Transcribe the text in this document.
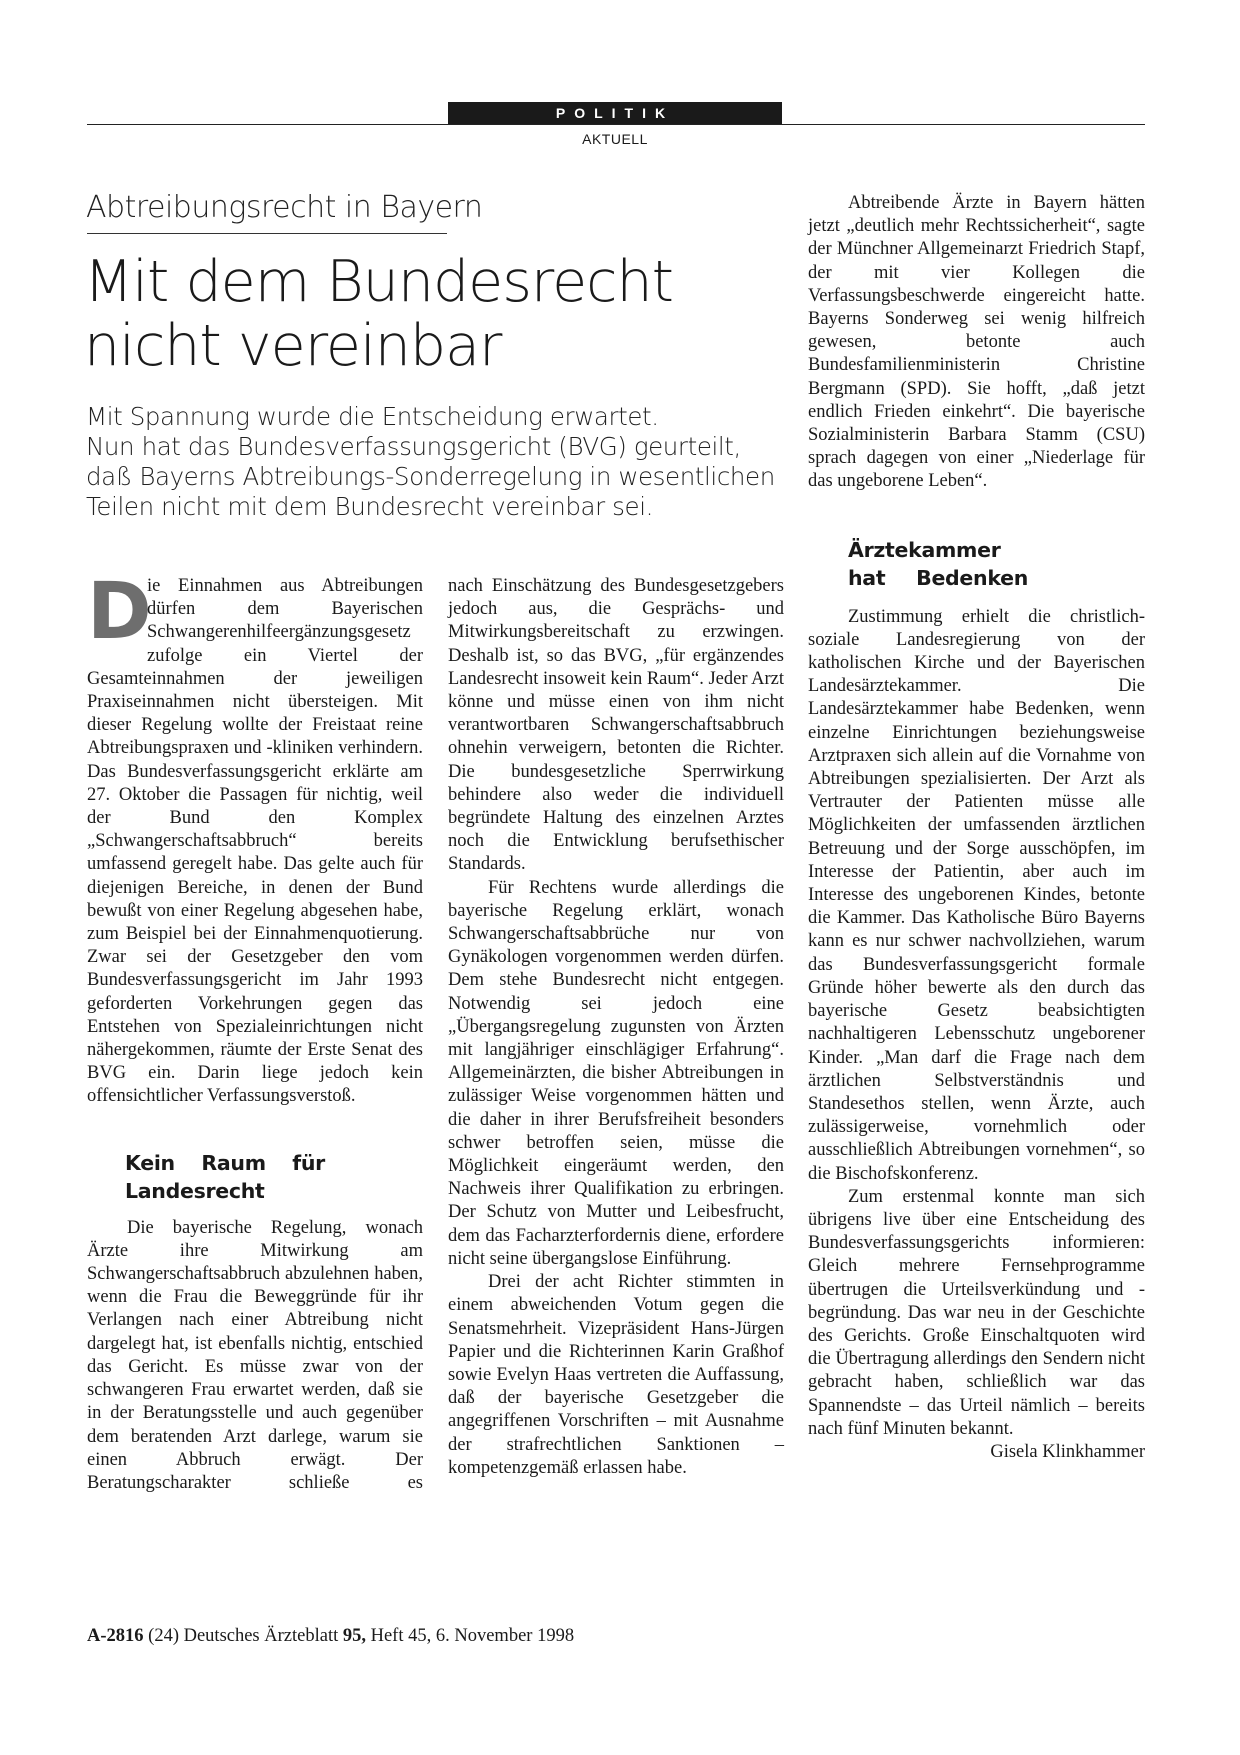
POLITIK
AKTUELL
Abtreibungsrecht in Bayern
Mit dem Bundesrecht
nicht vereinbar
Mit Spannung wurde die Entscheidung erwartet.
Nun hat das Bundesverfassungsgericht (BVG) geurteilt,
daß Bayerns Abtreibungs-Sonderregelung in wesentlichen
Teilen nicht mit dem Bundesrecht vereinbar sei.
D

ie Einnahmen aus Abtreibungen dürfen dem Bayerischen Schwangerenhilfeergänzungsgesetz zufolge ein Viertel der Gesamteinnahmen der jeweiligen Praxiseinnahmen nicht übersteigen. Mit dieser Regelung wollte der Freistaat reine Abtreibungspraxen und -kliniken verhindern. Das Bundesverfassungsgericht erklärte am 27. Oktober die Passagen für nichtig, weil der Bund den Komplex „Schwangerschaftsabbruch“ bereits umfassend geregelt habe. Das gelte auch für diejenigen Bereiche, in denen der Bund bewußt von einer Regelung abgesehen habe, zum Beispiel bei der Einnahmenquotierung. Zwar sei der Gesetzgeber den vom Bundesverfassungsgericht im Jahr 1993 geforderten Vorkehrungen gegen das Entstehen von Spezialeinrichtungen nicht nähergekommen, räumte der Erste Senat des BVG ein. Darin liege jedoch kein offensichtlicher Verfassungsverstoß.

Kein Raum für Landesrecht

Die bayerische Regelung, wonach Ärzte ihre Mitwirkung am Schwangerschaftsabbruch abzulehnen haben, wenn die Frau die Beweggründe für ihr Verlangen nach einer Abtreibung nicht dargelegt hat, ist ebenfalls nichtig, entschied das Gericht. Es müsse zwar von der schwangeren Frau erwartet werden, daß sie in der Beratungsstelle und auch gegenüber dem beratenden Arzt darlege, warum sie einen Abbruch erwägt. Der Beratungscharakter schließe es

nach Einschätzung des Bundesgesetzgebers jedoch aus, die Gesprächs- und Mitwirkungsbereitschaft zu erzwingen. Deshalb ist, so das BVG, „für ergänzendes Landesrecht insoweit kein Raum“. Jeder Arzt könne und müsse einen von ihm nicht verantwortbaren Schwangerschaftsabbruch ohnehin verweigern, betonten die Richter. Die bundesgesetzliche Sperrwirkung behindere also weder die individuell begründete Haltung des einzelnen Arztes noch die Entwicklung berufsethischer Standards.

Für Rechtens wurde allerdings die bayerische Regelung erklärt, wonach Schwangerschaftsabbrüche nur von Gynäkologen vorgenommen werden dürfen. Dem stehe Bundesrecht nicht entgegen. Notwendig sei jedoch eine „Übergangsregelung zugunsten von Ärzten mit langjähriger einschlägiger Erfahrung“. Allgemeinärzten, die bisher Abtreibungen in zulässiger Weise vorgenommen hätten und die daher in ihrer Berufsfreiheit besonders schwer betroffen seien, müsse die Möglichkeit eingeräumt werden, den Nachweis ihrer Qualifikation zu erbringen. Der Schutz von Mutter und Leibesfrucht, dem das Facharzterfordernis diene, erfordere nicht seine übergangslose Einführung.

Drei der acht Richter stimmten in einem abweichenden Votum gegen die Senatsmehrheit. Vizepräsident Hans-Jürgen Papier und die Richterinnen Karin Graßhof sowie Evelyn Haas vertreten die Auffassung, daß der bayerische Gesetzgeber die angegriffenen Vorschriften – mit Ausnahme der strafrechtlichen Sanktionen – kompetenzgemäß erlassen habe.

Abtreibende Ärzte in Bayern hätten jetzt „deutlich mehr Rechtssicherheit“, sagte der Münchner Allgemeinarzt Friedrich Stapf, der mit vier Kollegen die Verfassungsbeschwerde eingereicht hatte. Bayerns Sonderweg sei wenig hilfreich gewesen, betonte auch Bundesfamilienministerin Christine Bergmann (SPD). Sie hofft, „daß jetzt endlich Frieden einkehrt“. Die bayerische Sozialministerin Barbara Stamm (CSU) sprach dagegen von einer „Niederlage für das ungeborene Leben“.

Ärztekammer hat Bedenken

Zustimmung erhielt die christlich-soziale Landesregierung von der katholischen Kirche und der Bayerischen Landesärztekammer. Die Landesärztekammer habe Bedenken, wenn einzelne Einrichtungen beziehungsweise Arztpraxen sich allein auf die Vornahme von Abtreibungen spezialisierten. Der Arzt als Vertrauter der Patienten müsse alle Möglichkeiten der umfassenden ärztlichen Betreuung und der Sorge ausschöpfen, im Interesse der Patientin, aber auch im Interesse des ungeborenen Kindes, betonte die Kammer. Das Katholische Büro Bayerns kann es nur schwer nachvollziehen, warum das Bundesverfassungsgericht formale Gründe höher bewerte als den durch das bayerische Gesetz beabsichtigten nachhaltigeren Lebensschutz ungeborener Kinder. „Man darf die Frage nach dem ärztlichen Selbstverständnis und Standesethos stellen, wenn Ärzte, auch zulässigerweise, vornehmlich oder ausschließlich Abtreibungen vornehmen“, so die Bischofskonferenz.

Zum erstenmal konnte man sich übrigens live über eine Entscheidung des Bundesverfassungsgerichts informieren: Gleich mehrere Fernsehprogramme übertrugen die Urteilsverkündung und -begründung. Das war neu in der Geschichte des Gerichts. Große Einschaltquoten wird die Übertragung allerdings den Sendern nicht gebracht haben, schließlich war das Spannendste – das Urteil nämlich – bereits nach fünf Minuten bekannt.
Gisela Klinkhammer

A-2816 (24) Deutsches Ärzteblatt 95, Heft 45, 6. November 1998
